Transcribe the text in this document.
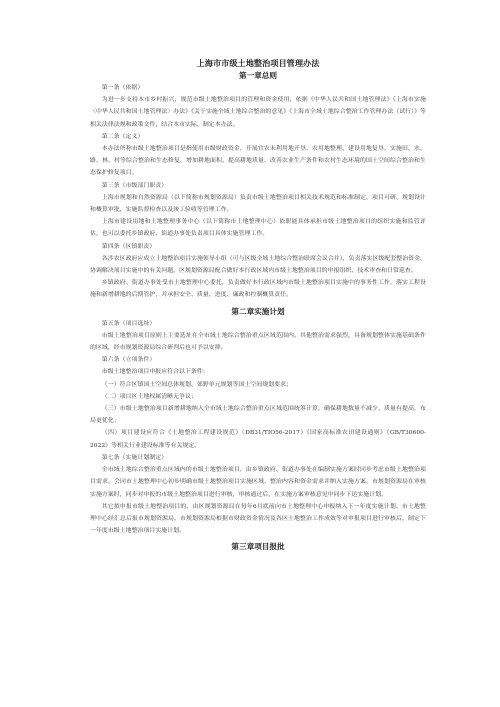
上海市市级土地整治项目管理办法
第一章总则

第一条（依据）

为进一步支持本市乡村振兴，规范市级土地整治项目的管理和资金使用，依据《中华人民共和国土地管理法》《上海市实施〈中华人民共和国土地管理法〉办法》《关于实施全域土地综合整治的意见》《上海市全域土地综合整治工作管理办法（试行）》等相关法律法规和政策文件，结合本市实际，制定本办法。

第二条（定义）

本办法所称市级土地整治项目是指使用市级财政资金，开展宜农未利用地开垦、农用地整理、建设用地复垦，实施田、水、路、林、村等综合整治和生态修复，增加耕地面积、提高耕地质量、改善农业生产条件和农村生态环境的国土空间综合整治和生态保护修复项目。

第三条（市级部门职责）

上海市规划和自然资源局（以下简称市规划资源局）负责市级土地整治项目相关技术规范和标准制定，项目可研、规划设计和概算审批，实施监督检查以及竣工验收等管理工作。

上海市建设用地和土地整理事务中心（以下简称市土地整理中心）依职能具体承担市级土地整治项目的组织实施和监管评估，也可以委托乡镇政府、街道办事处负责项目具体实施管理工作。

第四条（区镇职责）

各涉农区政府应成立土地整治项目实施领导小组（可与区级全域土地综合整治联席会议合并），负责落实区级配套整治资金，协调解决项目实施中的有关问题。区规划资源局配合做好本行政区域内市级土地整治项目的申报组织、技术审查和日常巡查。

乡镇政府、街道办事处受市土地整理中心委托，负责做好本行政区域内市级土地整治项目实施中的事务性工作，落实工程设施和新增耕地的后期管护，并承担安全、质量、进度、廉政和控制概算责任。

第二章实施计划

第五条（项目选址）

市级土地整治项目原则上主要选址在全市域土地综合整治重点区域范围内。其他整治需求强烈，具备规划整体实施基础条件的区域，经市规划资源局综合研判后也可予以安排。

第六条（立项条件）

市级土地整治项目申报应符合以下条件：

（一）符合区镇国土空间总体规划、郊野单元规划等国土空间规划要求；

（二）项目区土地权属清晰无争议；

（三）市级土地整治项目新增耕地纳入全市域土地综合整治重点区域范围统筹计算，确保耕地数量不减少、质量有提高，布局更优化；

（四）项目建设应符合《土地整治工程建设规范》（DB31/TIO56-2017）《国家高标准农田建设通则》（GB/T30600-2022）等相关行业建设标准等有关规定。

第七条（实施计划制定）

全市域土地综合整治重点区域内的市级土地整治项目，由乡镇政府、街道办事处在编制实施方案时同步考虑市级土地整治项目需求，会同市土地整理中心初步明确市级土地整治项目实施区域、整治内容和资金需求并纳入实施方案。市规划资源局在审核实施方案时，同步对申报的市级土地整治项目进行审核，审核通过后，在实施方案审核意见中同步下达实施计划。

其它拟申报市级土地整治项目的，由区规划资源局在每年6月底前向市土地整理中心申报纳入下一年度实施计划。市土地整理中心经汇总后报市规划资源局。市规划资源局根据市财政资金情况及各区土地整治工作成效等对申报项目进行审核后，制定下一年度市级土地整治项目实施计划。

第三章项目报批
